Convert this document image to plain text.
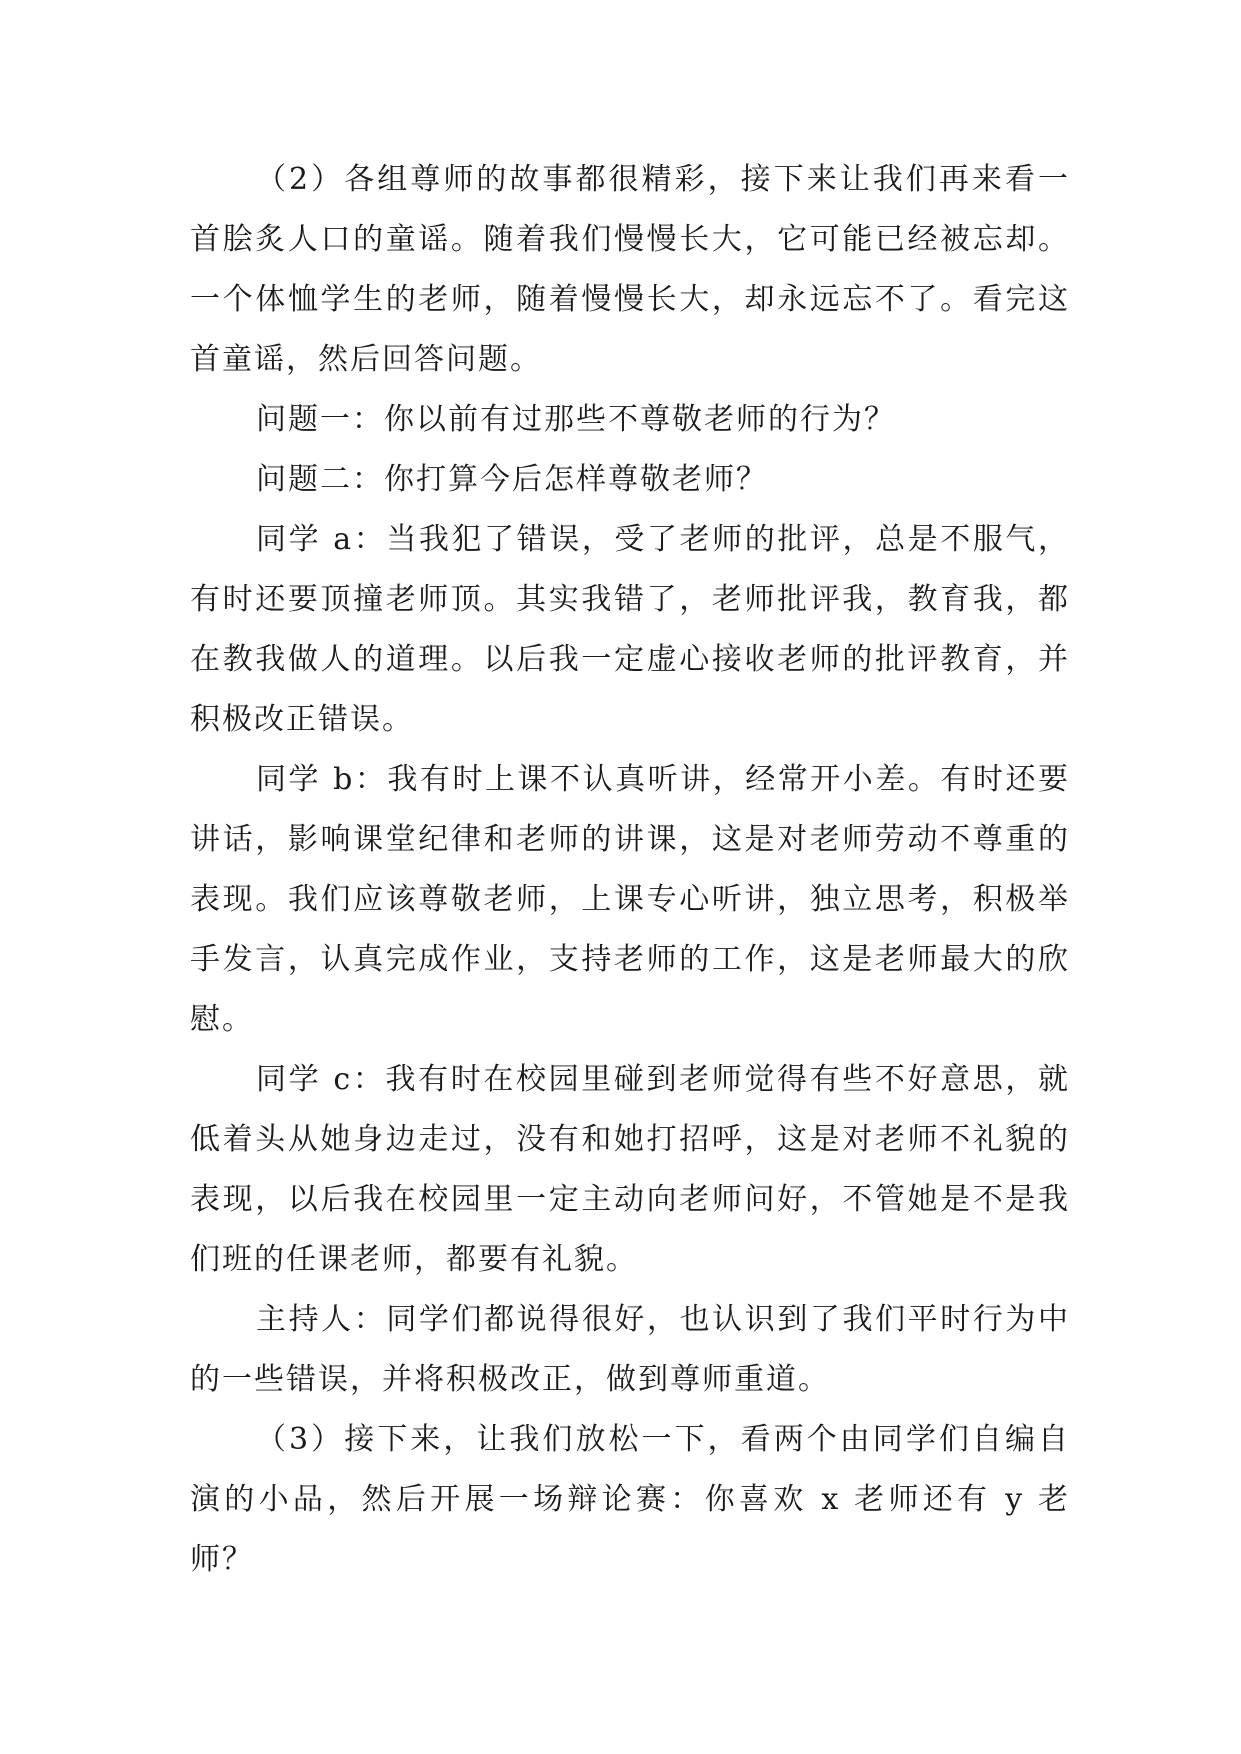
（2）各组尊师的故事都很精彩，接下来让我们再来看一首脍炙人口的童谣。随着我们慢慢长大，它可能已经被忘却。一个体恤学生的老师，随着慢慢长大，却永远忘不了。看完这首童谣，然后回答问题。

问题一：你以前有过那些不尊敬老师的行为？

问题二：你打算今后怎样尊敬老师？

同学 a：当我犯了错误，受了老师的批评，总是不服气，有时还要顶撞老师顶。其实我错了，老师批评我，教育我，都在教我做人的道理。以后我一定虚心接收老师的批评教育，并积极改正错误。

同学 b：我有时上课不认真听讲，经常开小差。有时还要讲话，影响课堂纪律和老师的讲课，这是对老师劳动不尊重的表现。我们应该尊敬老师，上课专心听讲，独立思考，积极举手发言，认真完成作业，支持老师的工作，这是老师最大的欣慰。

同学 c：我有时在校园里碰到老师觉得有些不好意思，就低着头从她身边走过，没有和她打招呼，这是对老师不礼貌的表现，以后我在校园里一定主动向老师问好，不管她是不是我们班的任课老师，都要有礼貌。

主持人：同学们都说得很好，也认识到了我们平时行为中的一些错误，并将积极改正，做到尊师重道。

（3）接下来，让我们放松一下，看两个由同学们自编自演的小品，然后开展一场辩论赛：你喜欢 x 老师还有 y 老师？
